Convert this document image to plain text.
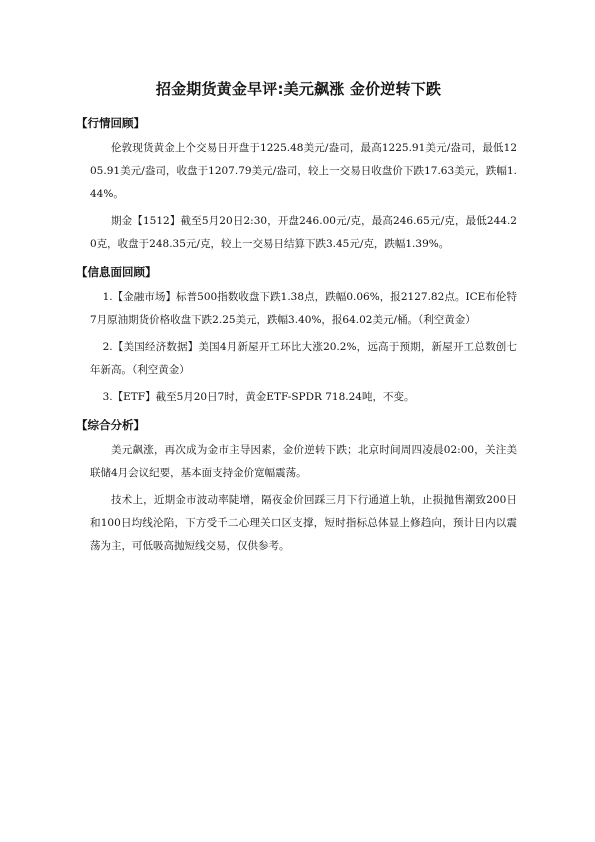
招金期货黄金早评:美元飙涨 金价逆转下跌
【行情回顾】

伦敦现货黄金上个交易日开盘于1225.48美元/盎司，最高1225.91美元/盎司，最低1205.91美元/盎司，收盘于1207.79美元/盎司，较上一交易日收盘价下跌17.63美元，跌幅1.44%。

期金【1512】截至5月20日2:30，开盘246.00元/克，最高246.65元/克，最低244.20克，收盘于248.35元/克，较上一交易日结算下跌3.45元/克，跌幅1.39%。

【信息面回顾】

1.【金融市场】标普500指数收盘下跌1.38点，跌幅0.06%，报2127.82点。ICE布伦特7月原油期货价格收盘下跌2.25美元，跌幅3.40%，报64.02美元/桶。（利空黄金）

2.【美国经济数据】美国4月新屋开工环比大涨20.2%，远高于预期，新屋开工总数创七年新高。（利空黄金）

3.【ETF】截至5月20日7时，黄金ETF-SPDR 718.24吨，不变。

【综合分析】

美元飙涨，再次成为金市主导因素，金价逆转下跌；北京时间周四凌晨02:00，关注美联储4月会议纪要，基本面支持金价宽幅震荡。

技术上，近期金市波动率陡增，隔夜金价回踩三月下行通道上轨，止损抛售潮致200日和100日均线沦陷，下方受千二心理关口区支撑，短时指标总体显上修趋向，预计日内以震荡为主，可低吸高抛短线交易，仅供参考。
